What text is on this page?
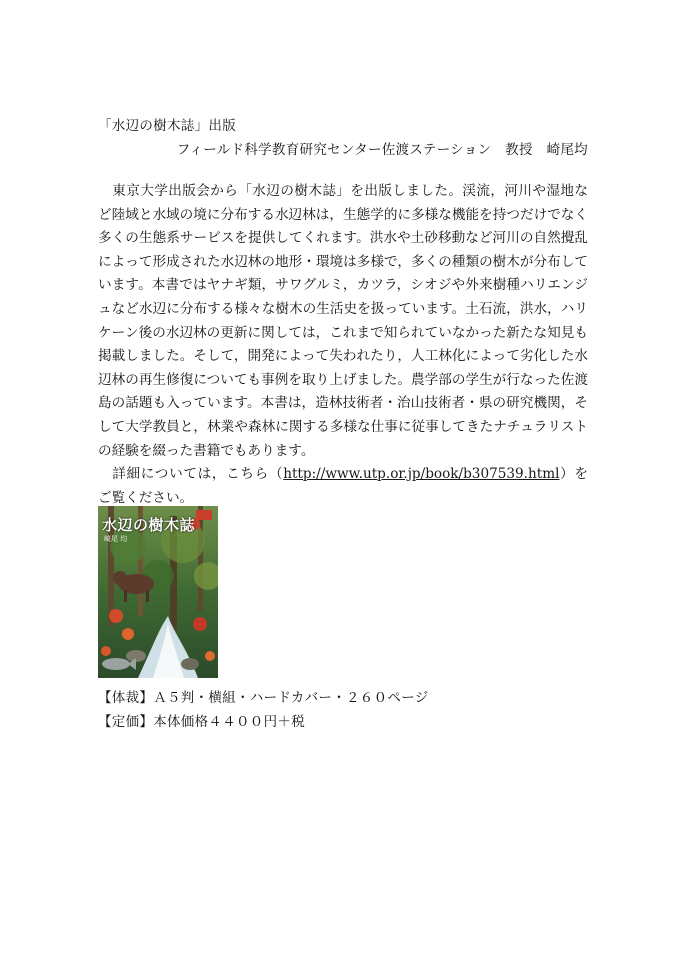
「水辺の樹木誌」出版
フィールド科学教育研究センター佐渡ステーション　教授　崎尾均

東京大学出版会から「水辺の樹木誌」を出版しました。渓流，河川や湿地など陸域と水域の境に分布する水辺林は，生態学的に多様な機能を持つだけでなく多くの生態系サービスを提供してくれます。洪水や土砂移動など河川の自然攪乱によって形成された水辺林の地形・環境は多様で，多くの種類の樹木が分布しています。本書ではヤナギ類，サワグルミ，カツラ，シオジや外来樹種ハリエンジュなど水辺に分布する様々な樹木の生活史を扱っています。土石流，洪水，ハリケーン後の水辺林の更新に関しては，これまで知られていなかった新たな知見も掲載しました。そして，開発によって失われたり，人工林化によって劣化した水辺林の再生修復についても事例を取り上げました。農学部の学生が行なった佐渡島の話題も入っています。本書は，造林技術者・治山技術者・県の研究機関，そして大学教員と，林業や森林に関する多様な仕事に従事してきたナチュラリストの経験を綴った書籍でもあります。

詳細については，こちら（http://www.utp.or.jp/book/b307539.html）をご覧ください。

水辺の樹木誌
崎尾 均
【体裁】Ａ５判・横組・ハードカバー・２６０ページ
【定価】本体価格４４００円＋税
